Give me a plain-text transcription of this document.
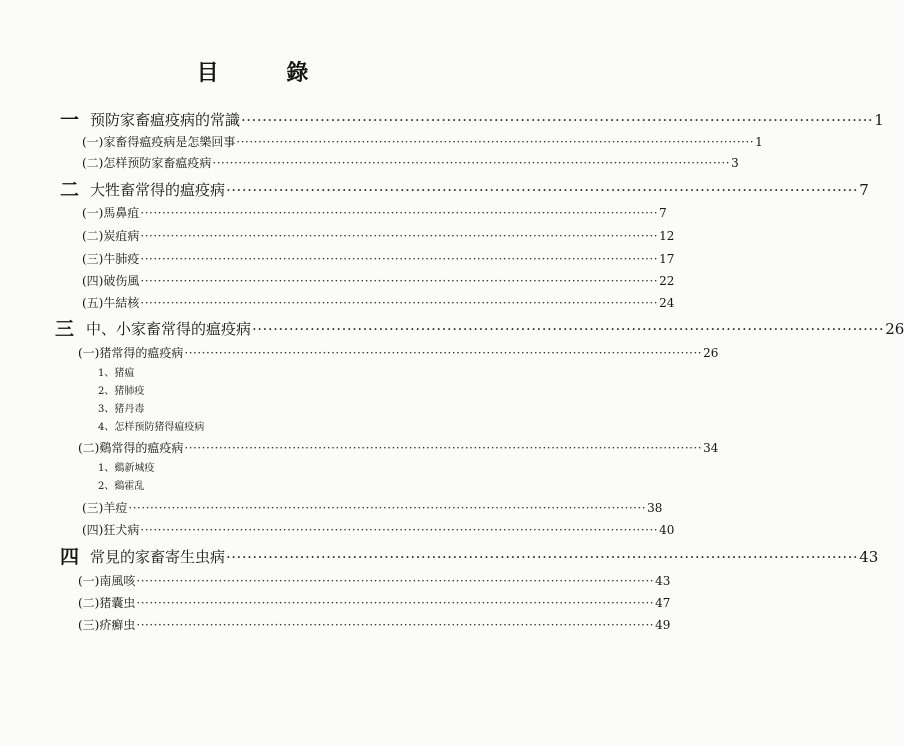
目 錄
一 预防家畜瘟疫病的常識 ························································································································ 1
(一)家畜得瘟疫病是怎樂回事 ························································································································ 1
(二)怎样预防家畜瘟疫病 ························································································································ 3
二 大牲畜常得的瘟疫病 ························································································································ 7
(一)馬鼻疽 ························································································································ 7
(二)炭疽病 ························································································································ 12
(三)牛肺疫 ························································································································ 17
(四)破伤風 ························································································································ 22
(五)牛結核 ························································································································ 24
三 中、小家畜常得的瘟疫病 ························································································································ 26
(一)猪常得的瘟疫病 ························································································································ 26
1、猪瘟
2、猪肺疫
3、猪丹毒
4、怎样预防猪得瘟疫病
(二)鷄常得的瘟疫病 ························································································································ 34
1、鷄新城疫
2、鷄霍乱
(三)羊痘 ························································································································ 38
(四)狂犬病 ························································································································ 40
四 常見的家畜寄生虫病 ························································································································ 43
(一)南風咳 ························································································································ 43
(二)猪囊虫 ························································································································ 47
(三)疥癬虫 ························································································································ 49
